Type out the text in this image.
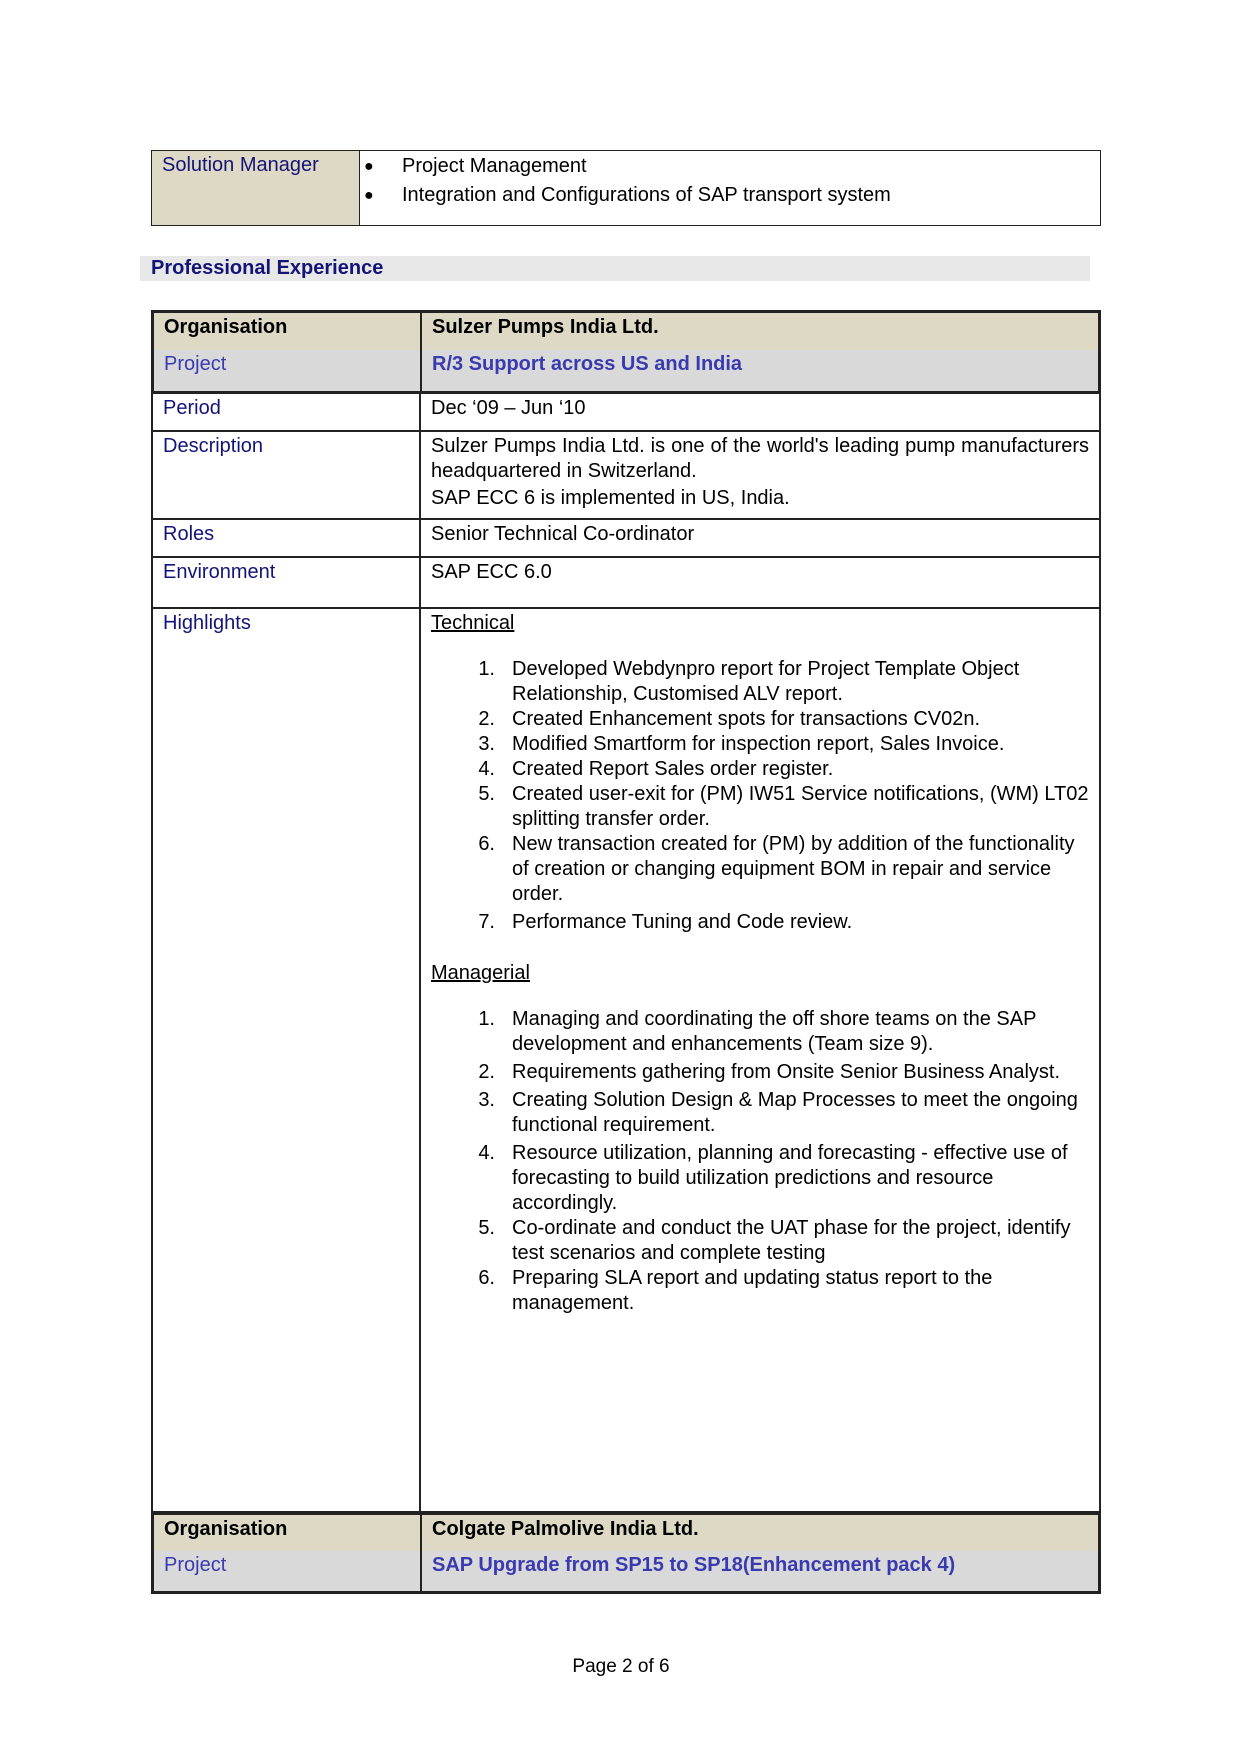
Solution Manager	● Project Management
● Integration and Configurations of SAP transport system
Professional Experience
Organisation	Sulzer Pumps India Ltd.
Project	R/3 Support across US and India
Period	Dec ‘09 – Jun ‘10
Description	Sulzer Pumps India Ltd. is one of the world's leading pump manufacturers headquartered in Switzerland.
SAP ECC 6 is implemented in US, India.
Roles	Senior Technical Co-ordinator
Environment	SAP ECC 6.0
Highlights	Technical
1. Developed Webdynpro report for Project Template Object Relationship, Customised ALV report.
2. Created Enhancement spots for transactions CV02n.
3. Modified Smartform for inspection report, Sales Invoice.
4. Created Report Sales order register.
5. Created user-exit for (PM) IW51 Service notifications, (WM) LT02 splitting transfer order.
6. New transaction created for (PM) by addition of the functionality of creation or changing equipment BOM in repair and service order.
7. Performance Tuning and Code review.
Managerial
1. Managing and coordinating the off shore teams on the SAP development and enhancements (Team size 9).
2. Requirements gathering from Onsite Senior Business Analyst.
3. Creating Solution Design & Map Processes to meet the ongoing functional requirement.
4. Resource utilization, planning and forecasting - effective use of forecasting to build utilization predictions and resource accordingly.
5. Co-ordinate and conduct the UAT phase for the project, identify test scenarios and complete testing
6. Preparing SLA report and updating status report to the management.
Organisation	Colgate Palmolive India Ltd.
Project	SAP Upgrade from SP15 to SP18(Enhancement pack 4)
Page 2 of 6
